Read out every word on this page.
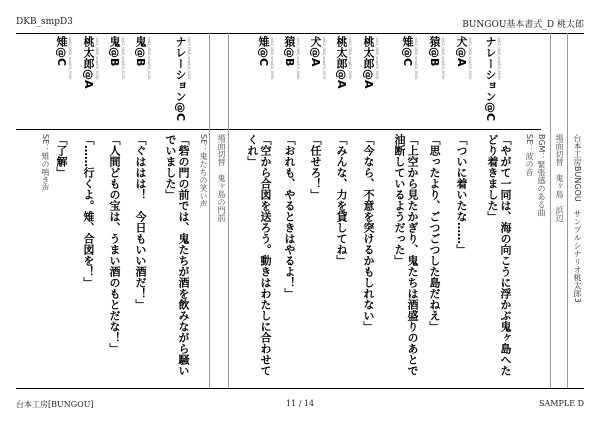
DKB_smpD3	BUNGOU基本書式_D 桃太郎
台本工房BUNGOU　サンプルシナリオ桃太郎3
場面切替　鬼ヶ島　浜辺
BGM：緊張感のある曲
SE：波の音
ナレーション@C cb02_DKB_smpD3_0010
「やがて一同は、海の向こうに浮かぶ鬼ヶ島へたどり着きました」
犬@A cb02_DKB_smpD3_0020
「ついに着いたな……」
猿@B cb02_DKB_smpD3_0030
「思ったより、ごつごつした島だねえ」
雉@C cb02_DKB_smpD3_0040
「上空から見たかぎり、鬼たちは酒盛りのあとで油断しているようだった」
桃太郎@A cb02_DKB_smpD3_0050
「今なら、不意を突けるかもしれない」
桃太郎@A cb02_DKB_smpD3_0060
「みんな、力を貸してね」
犬@A cb02_DKB_smpD3_0070
「任せろ！」
猿@B cb02_DKB_smpD3_0080
「おれも、やるときはやるよ！」
雉@C cb02_DKB_smpD3_0090
「空から合図を送ろう。動きはわたしに合わせてくれ」
場面切替　鬼ヶ島の門前
SE：鬼たちの笑い声
ナレーション@C cb02_DKB_smpD3_0100
「砦の門の前では、鬼たちが酒を飲みながら騒いでいました」
鬼@B cb02_DKB_smpD3_0110
「ぐははは！　今日もいい酒だ！」
鬼@B cb02_DKB_smpD3_0120
「人間どもの宝は、うまい酒のもとだな！」
桃太郎@A cb02_DKB_smpD3_0130
「……行くよ。雉、合図を！」
雉@C cb02_DKB_smpD3_0140
「了解」
SE：雉の鳴き声
台本工房[BUNGOU]	11 / 14	SAMPLE D
